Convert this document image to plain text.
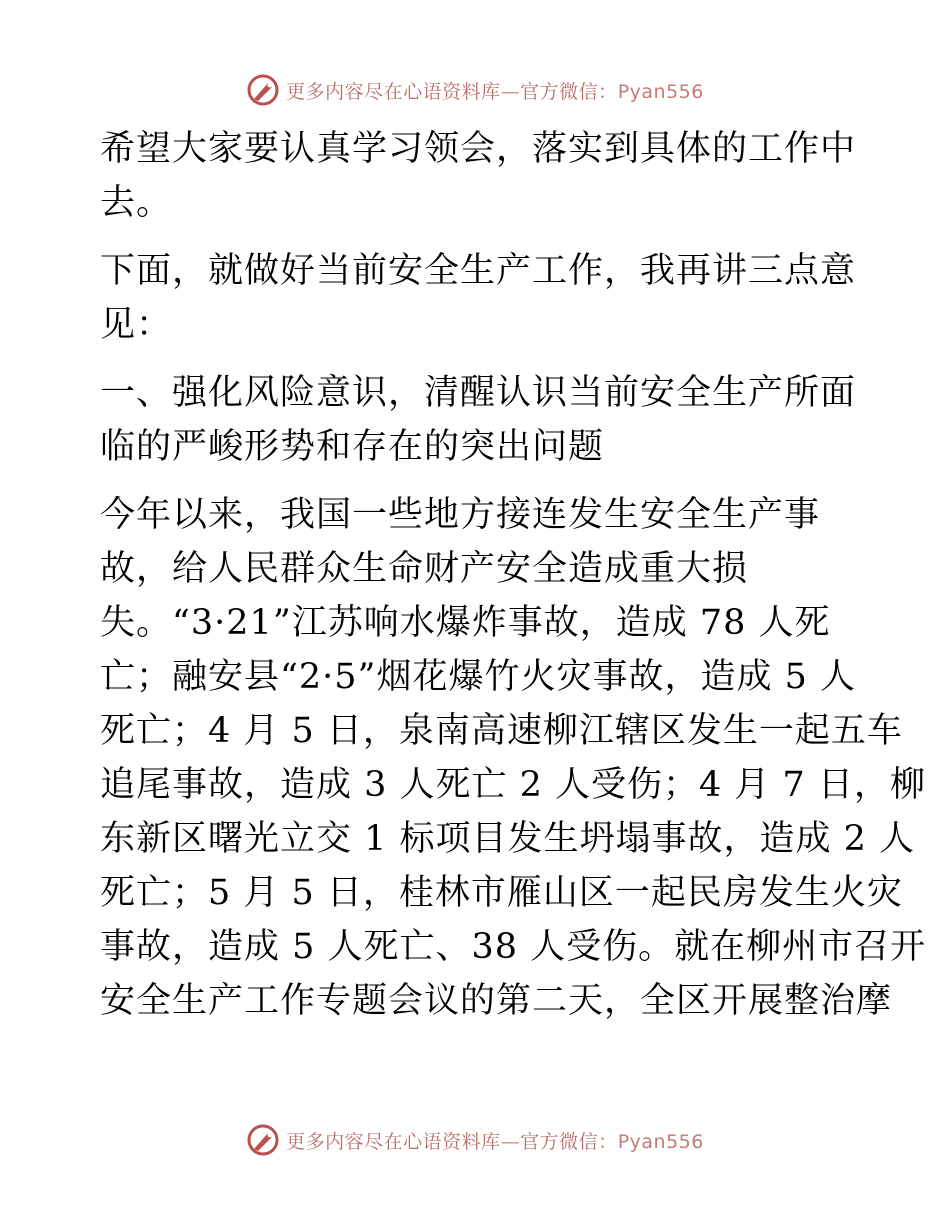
更多内容尽在心语资料库—官方微信：Pyan556
希望大家要认真学习领会，落实到具体的工作中
去。
下面，就做好当前安全生产工作，我再讲三点意
见：
一、强化风险意识，清醒认识当前安全生产所面
临的严峻形势和存在的突出问题
今年以来，我国一些地方接连发生安全生产事
故，给人民群众生命财产安全造成重大损
失。“3·21”江苏响水爆炸事故，造成 78 人死
亡；融安县“2·5”烟花爆竹火灾事故，造成 5 人
死亡；4 月 5 日，泉南高速柳江辖区发生一起五车
追尾事故，造成 3 人死亡 2 人受伤；4 月 7 日，柳
东新区曙光立交 1 标项目发生坍塌事故，造成 2 人
死亡；5 月 5 日，桂林市雁山区一起民房发生火灾
事故，造成 5 人死亡、38 人受伤。就在柳州市召开
安全生产工作专题会议的第二天，全区开展整治摩
更多内容尽在心语资料库—官方微信：Pyan556
